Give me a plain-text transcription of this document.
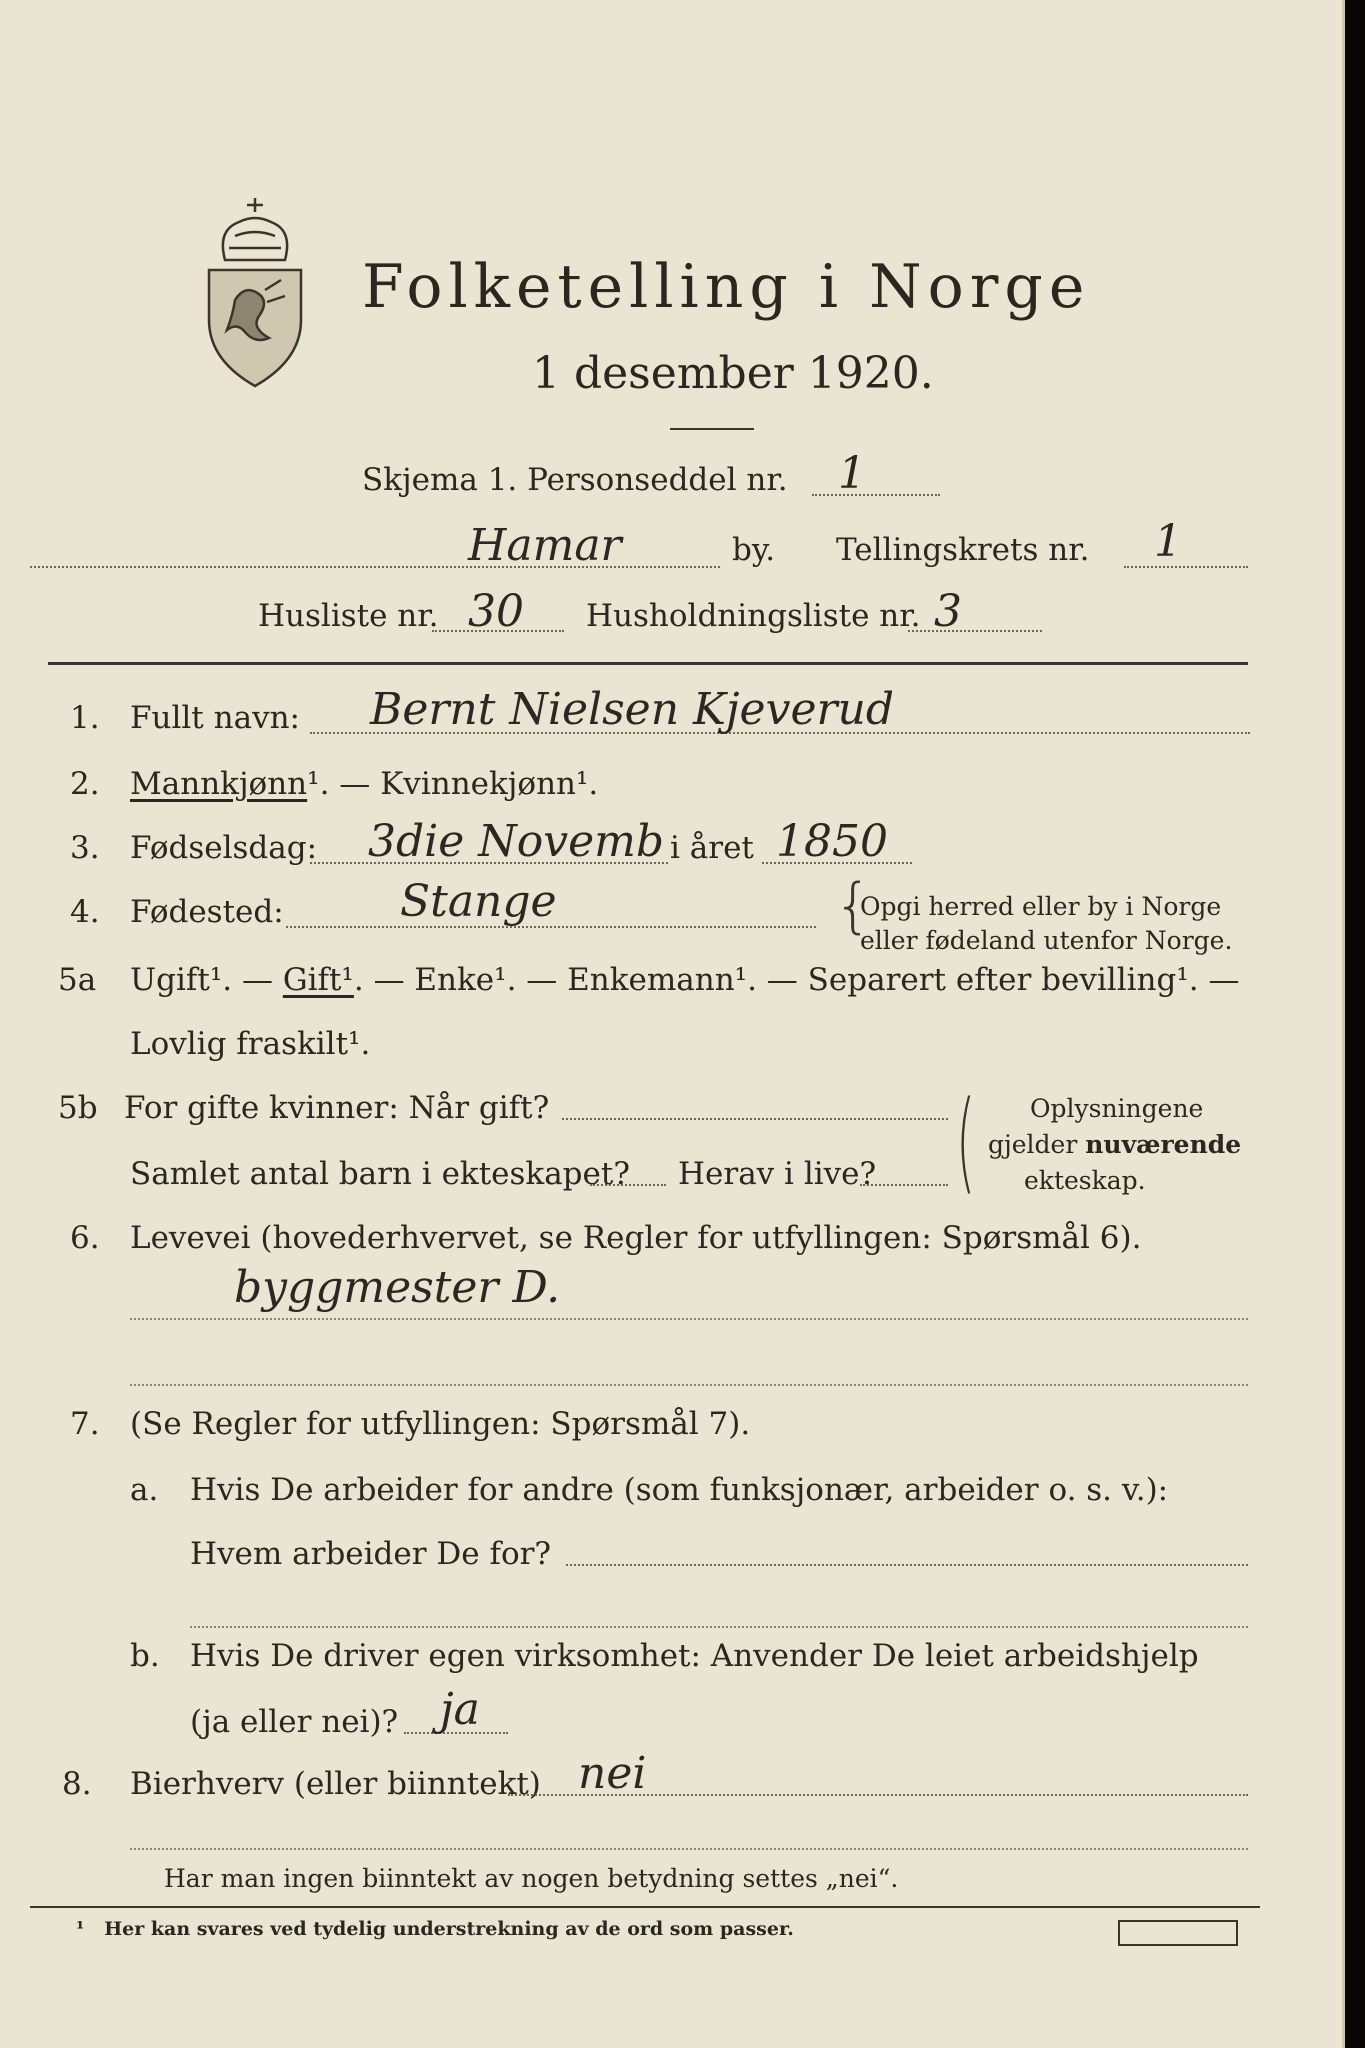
Folketelling i Norge
1 desember 1920.
Skjema 1. Personseddel nr. 1
Hamar	by. Tellingskrets nr. 1
Husliste nr. 30 Husholdningsliste nr. 3
1. Fullt navn: Bernt Nielsen Kjeverud
2. Mannkjønn¹. — Kvinnekjønn¹.
3. Fødselsdag: 3die Novemb i året 1850
4. Fødested:	Stange	{
Opgi herred eller by i Norge
eller fødeland utenfor Norge.
5a Ugift¹. — Gift¹. — Enke¹. — Enkemann¹. — Separert efter bevilling¹. —
Lovlig fraskilt¹.
5b For gifte kvinner: Når gift?
Samlet antal barn i ekteskapet? Herav i live? ( Oplysningene
gjelder nuværende
ekteskap.
6. Levevei (hovederhvervet, se Regler for utfyllingen: Spørsmål 6).
byggmester D.
7. (Se Regler for utfyllingen: Spørsmål 7).
a. Hvis De arbeider for andre (som funksjonær, arbeider o. s. v.):
Hvem arbeider De for?
b. Hvis De driver egen virksomhet: Anvender De leiet arbeidshjelp
(ja eller nei)? ja
8. Bierhverv (eller biinntekt) nei
Har man ingen biinntekt av nogen betydning settes „nei“.
¹ Her kan svares ved tydelig understrekning av de ord som passer.
